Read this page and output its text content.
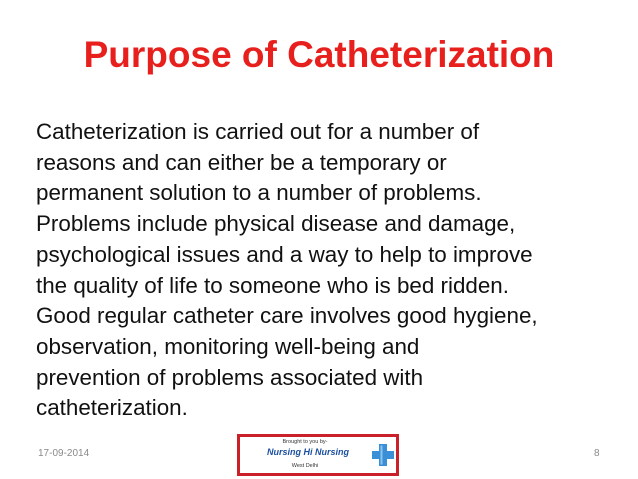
Purpose of Catheterization
Catheterization is carried out for a number of
reasons and can either be a temporary or
permanent solution to a number of problems.
Problems include physical disease and damage,
psychological issues and a way to help to improve
the quality of life to someone who is bed ridden.
Good regular catheter care involves good hygiene,
observation, monitoring well-being and
prevention of problems associated with
catheterization.
17-09-2014
Brought to you by-
Nursing Hi Nursing
West Delhi
8
